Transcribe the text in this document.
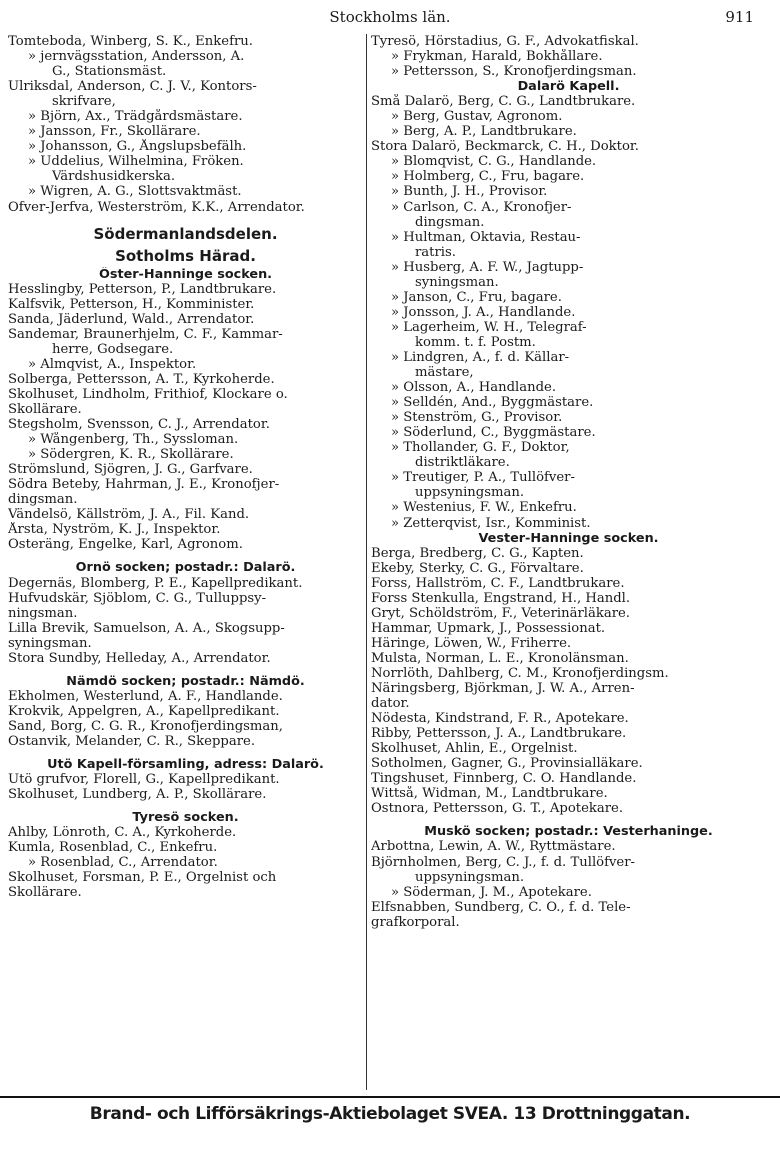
Stockholms län.	911
Tomteboda, Winberg, S. K., Enkefru.
» jernvägsstation, Andersson, A.
G., Stationsmäst.
Ulriksdal, Anderson, C. J. V., Kontors-
skrifvare,
» Björn, Ax., Trädgårdsmästare.
» Jansson, Fr., Skollärare.
» Johansson, G., Ångslupsbefälh.
» Uddelius, Wilhelmina, Fröken.
Värdshusidkerska.
» Wigren, A. G., Slottsvaktmäst.
Öfver-Jerfva, Westerström, K.K., Arrendator.
Södermanlandsdelen.
Sotholms Härad.
Öster-Hanninge socken.
Hesslingby, Petterson, P., Landtbrukare.
Kalfsvik, Petterson, H., Komminister.
Sanda, Jäderlund, Wald., Arrendator.
Sandemar, Braunerhjelm, C. F., Kammar-
herre, Godsegare.
» Almqvist, A., Inspektor.
Solberga, Pettersson, A. T., Kyrkoherde.
Skolhuset, Lindholm, Frithiof, Klockare o.
Skollärare.
Stegsholm, Svensson, C. J., Arrendator.
» Wångenberg, Th., Syssloman.
» Södergren, K. R., Skollärare.
Strömslund, Sjögren, J. G., Garfvare.
Södra Beteby, Hahrman, J. E., Kronofjer-
dingsman.
Vändelsö, Källström, J. A., Fil. Kand.
Årsta, Nyström, K. J., Inspektor.
Österäng, Engelke, Karl, Agronom.
Ornö socken; postadr.: Dalarö.
Degernäs, Blomberg, P. E., Kapellpredikant.
Hufvudskär, Sjöblom, C. G., Tulluppsy-
ningsman.
Lilla Brevik, Samuelson, A. A., Skogsupp-
syningsman.
Stora Sundby, Helleday, A., Arrendator.
Nämdö socken; postadr.: Nämdö.
Ekholmen, Westerlund, A. F., Handlande.
Krokvik, Appelgren, A., Kapellpredikant.
Sand, Borg, C. G. R., Kronofjerdingsman,
Östanvik, Melander, C. R., Skeppare.
Utö Kapell-församling, adress: Dalarö.
Utö grufvor, Florell, G., Kapellpredikant.
Skolhuset, Lundberg, A. P., Skollärare.
Tyresö socken.
Ahlby, Lönroth, C. A., Kyrkoherde.
Kumla, Rosenblad, C., Enkefru.
» Rosenblad, C., Arrendator.
Skolhuset, Forsman, P. E., Orgelnist och
Skollärare.
Tyresö, Hörstadius, G. F., Advokatfiskal.
» Frykman, Harald, Bokhållare.
» Pettersson, S., Kronofjerdingsman.
Dalarö Kapell.
Små Dalarö, Berg, C. G., Landtbrukare.
» Berg, Gustav, Agronom.
» Berg, A. P., Landtbrukare.
Stora Dalarö, Beckmarck, C. H., Doktor.
» Blomqvist, C. G., Handlande.
» Holmberg, C., Fru, bagare.
» Bunth, J. H., Provisor.
» Carlson, C. A., Kronofjer-
dingsman.
» Hultman, Oktavia, Restau-
ratris.
» Husberg, A. F. W., Jagtupp-
syningsman.
» Janson, C., Fru, bagare.
» Jonsson, J. A., Handlande.
» Lagerheim, W. H., Telegraf-
komm. t. f. Postm.
» Lindgren, A., f. d. Källar-
mästare,
» Olsson, A., Handlande.
» Selldén, And., Byggmästare.
» Stenström, G., Provisor.
» Söderlund, C., Byggmästare.
» Thollander, G. F., Doktor,
distriktläkare.
» Treutiger, P. A., Tullöfver-
uppsyningsman.
» Westenius, F. W., Enkefru.
» Zetterqvist, Isr., Komminist.
Vester-Hanninge socken.
Berga, Bredberg, C. G., Kapten.
Ekeby, Sterky, C. G., Förvaltare.
Forss, Hallström, C. F., Landtbrukare.
Forss Stenkulla, Engstrand, H., Handl.
Gryt, Schöldström, F., Veterinärläkare.
Hammar, Upmark, J., Possessionat.
Häringe, Löwen, W., Friherre.
Mulsta, Norman, L. E., Kronolänsman.
Norrlöth, Dahlberg, C. M., Kronofjerdingsm.
Näringsberg, Björkman, J. W. A., Arren-
dator.
Nödesta, Kindstrand, F. R., Apotekare.
Ribby, Pettersson, J. A., Landtbrukare.
Skolhuset, Ahlin, E., Orgelnist.
Sotholmen, Gagner, G., Provinsialläkare.
Tingshuset, Finnberg, C. O. Handlande.
Wittså, Widman, M., Landtbrukare.
Östnora, Pettersson, G. T., Apotekare.
Muskö socken; postadr.: Vesterhaninge.
Arbottna, Lewin, A. W., Ryttmästare.
Björnholmen, Berg, C. J., f. d. Tullöfver-
uppsyningsman.
» Söderman, J. M., Apotekare.
Elfsnabben, Sundberg, C. O., f. d. Tele-
grafkorporal.
Brand- och Lifförsäkrings-Aktiebolaget SVEA. 13 Drottninggatan.
